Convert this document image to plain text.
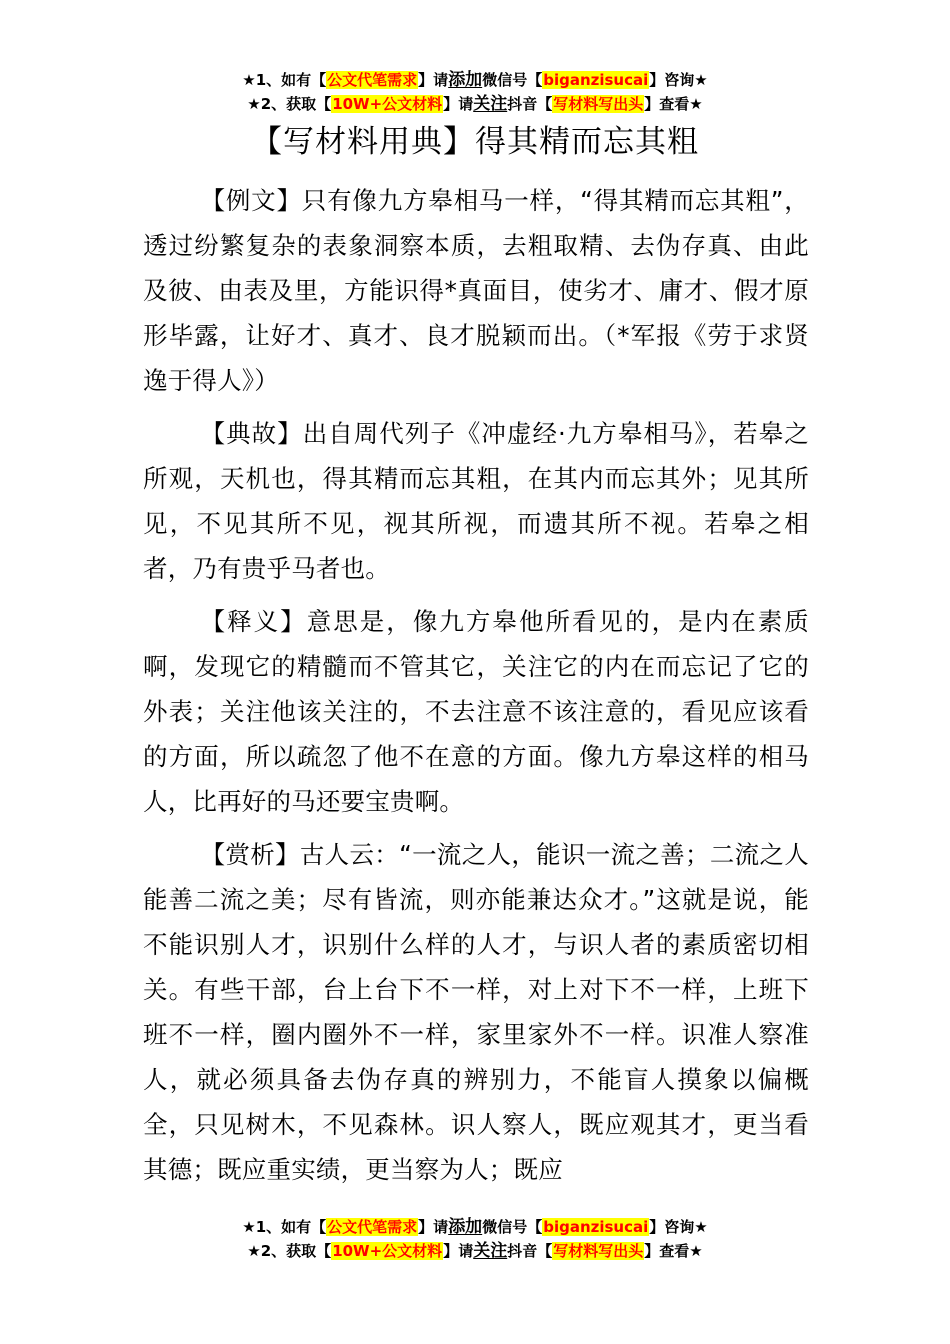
★1、如有【公文代笔需求】请添加微信号【biganzisucai】咨询★
★2、获取【10W+公文材料】请关注抖音【写材料写出头】查看★
【写材料用典】得其精而忘其粗

【例文】只有像九方皋相马一样，“得其精而忘其粗”，透过纷繁复杂的表象洞察本质，去粗取精、去伪存真、由此及彼、由表及里，方能识得*真面目，使劣才、庸才、假才原形毕露，让好才、真才、良才脱颖而出。（*军报《劳于求贤逸于得人》）

【典故】出自周代列子《冲虚经·九方皋相马》，若皋之所观，天机也，得其精而忘其粗，在其内而忘其外；见其所见，不见其所不见，视其所视，而遗其所不视。若皋之相者，乃有贵乎马者也。

【释义】意思是，像九方皋他所看见的，是内在素质啊，发现它的精髓而不管其它，关注它的内在而忘记了它的外表；关注他该关注的，不去注意不该注意的，看见应该看的方面，所以疏忽了他不在意的方面。像九方皋这样的相马人，比再好的马还要宝贵啊。

【赏析】古人云：“一流之人，能识一流之善；二流之人能善二流之美；尽有皆流，则亦能兼达众才。”这就是说，能不能识别人才，识别什么样的人才，与识人者的素质密切相关。有些干部，台上台下不一样，对上对下不一样，上班下班不一样，圈内圈外不一样，家里家外不一样。识准人察准人，就必须具备去伪存真的辨别力，不能盲人摸象以偏概全，只见树木，不见森林。识人察人，既应观其才，更当看其德；既应重实绩，更当察为人；既应

★1、如有【公文代笔需求】请添加微信号【biganzisucai】咨询★
★2、获取【10W+公文材料】请关注抖音【写材料写出头】查看★
